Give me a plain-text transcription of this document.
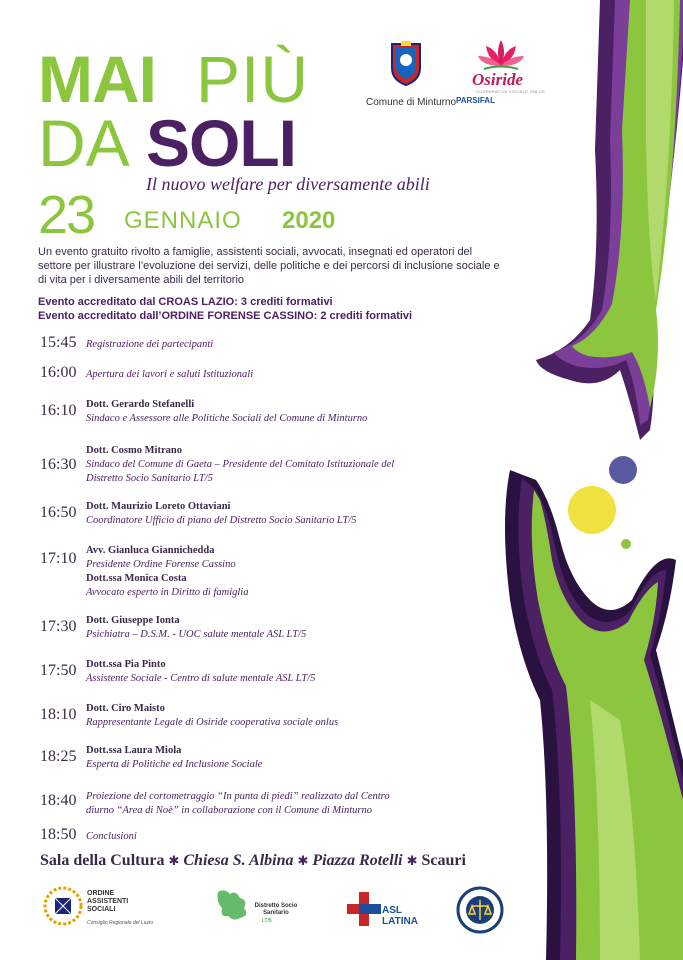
MAI PIÙ
DA SOLI
Il nuovo welfare per diversamente abili
23 GENNAIO 2020
Comune di Minturno
Osiride
COOPERATIVA SOCIALE ONLUS
PARSIFAL
Un evento gratuito rivolto a famiglie, assistenti sociali, avvocati, insegnati ed operatori del settore per illustrare l’evoluzione dei servizi, delle politiche e dei percorsi di inclusione sociale e di vita per i diversamente abili del territorio
Evento accreditato dal CROAS LAZIO: 3 crediti formativi
Evento accreditato dall’ORDINE FORENSE CASSINO: 2 crediti formativi
15:45 Registrazione dei partecipanti
16:00 Apertura dei lavori e saluti Istituzionali
16:10 Dott. Gerardo Stefanelli
Sindaco e Assessore alle Politiche Sociali del Comune di Minturno
16:30
Dott. Cosmo Mitrano
Sindaco del Comune di Gaeta – Presidente del Comitato Istituzionale del
Distretto Socio Sanitario LT/5
16:50 Dott. Maurizio Loreto Ottaviani
Coordinatore Ufficio di piano del Distretto Socio Sanitario LT/5
17:10 Avv. Gianluca Giannichedda
Presidente Ordine Forense Cassino
Dott.ssa Monica Costa
Avvocato esperto in Diritto di famiglia
17:30 Dott. Giuseppe Ionta
Psichiatra – D.S.M. - UOC salute mentale ASL LT/5
17:50 Dott.ssa Pia Pinto
Assistente Sociale - Centro di salute mentale ASL LT/5
18:10 Dott. Ciro Maisto
Rappresentante Legale di Osiride cooperativa sociale onlus
18:25 Dott.ssa Laura Miola
Esperta di Politiche ed Inclusione Sociale
18:40 Proiezione del cortometraggio “In punta di piedi” realizzato dal Centro
diurno “Area di Noè” in collaborazione con il Comune di Minturno
18:50 Conclusioni
Sala della Cultura ✱ Chiesa S. Albina ✱ Piazza Rotelli ✱ Scauri
ORDINE ASSISTENTI SOCIALI
Consiglio Regionale del Lazio
Distretto Socio Sanitario
LT/5
ASL
LATINA
